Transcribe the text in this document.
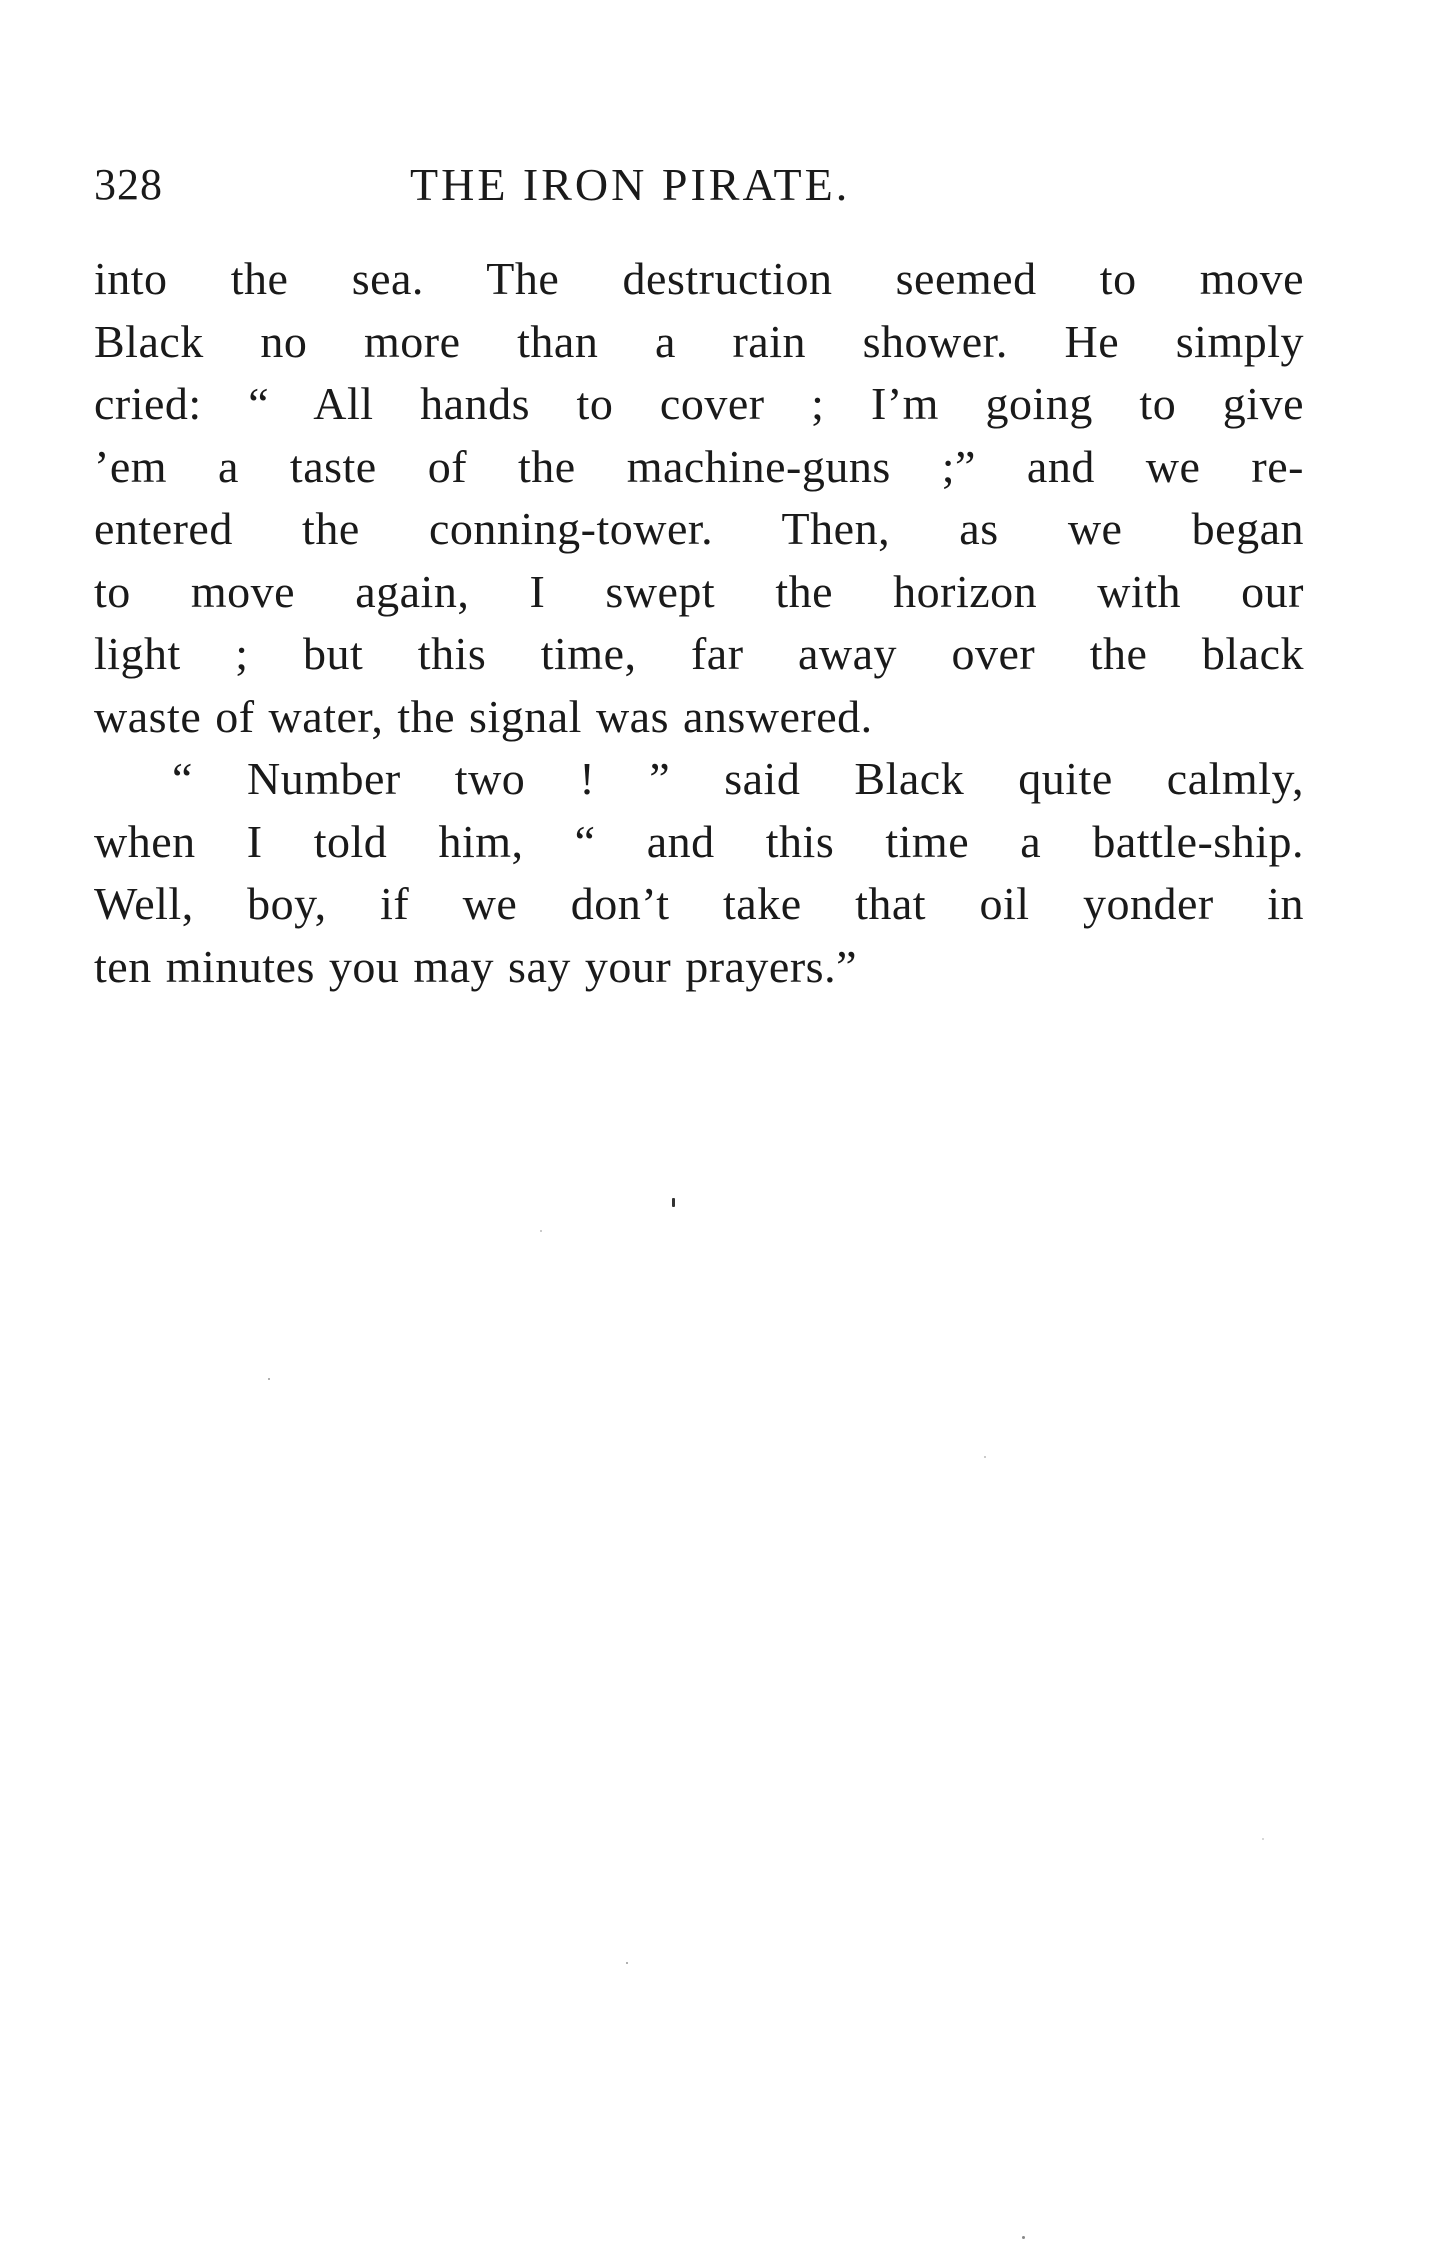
328	THE IRON PIRATE.
into the sea. The destruction seemed to move
Black no more than a rain shower. He simply
cried: “ All hands to cover ; I’m going to give
’em a taste of the machine-guns ;” and we re-
entered the conning-tower. Then, as we began
to move again, I swept the horizon with our
light ; but this time, far away over the black
waste of water, the signal was answered.
“ Number two ! ” said Black quite calmly,
when I told him, “ and this time a battle-ship.
Well, boy, if we don’t take that oil yonder in
ten minutes you may say your prayers.”
